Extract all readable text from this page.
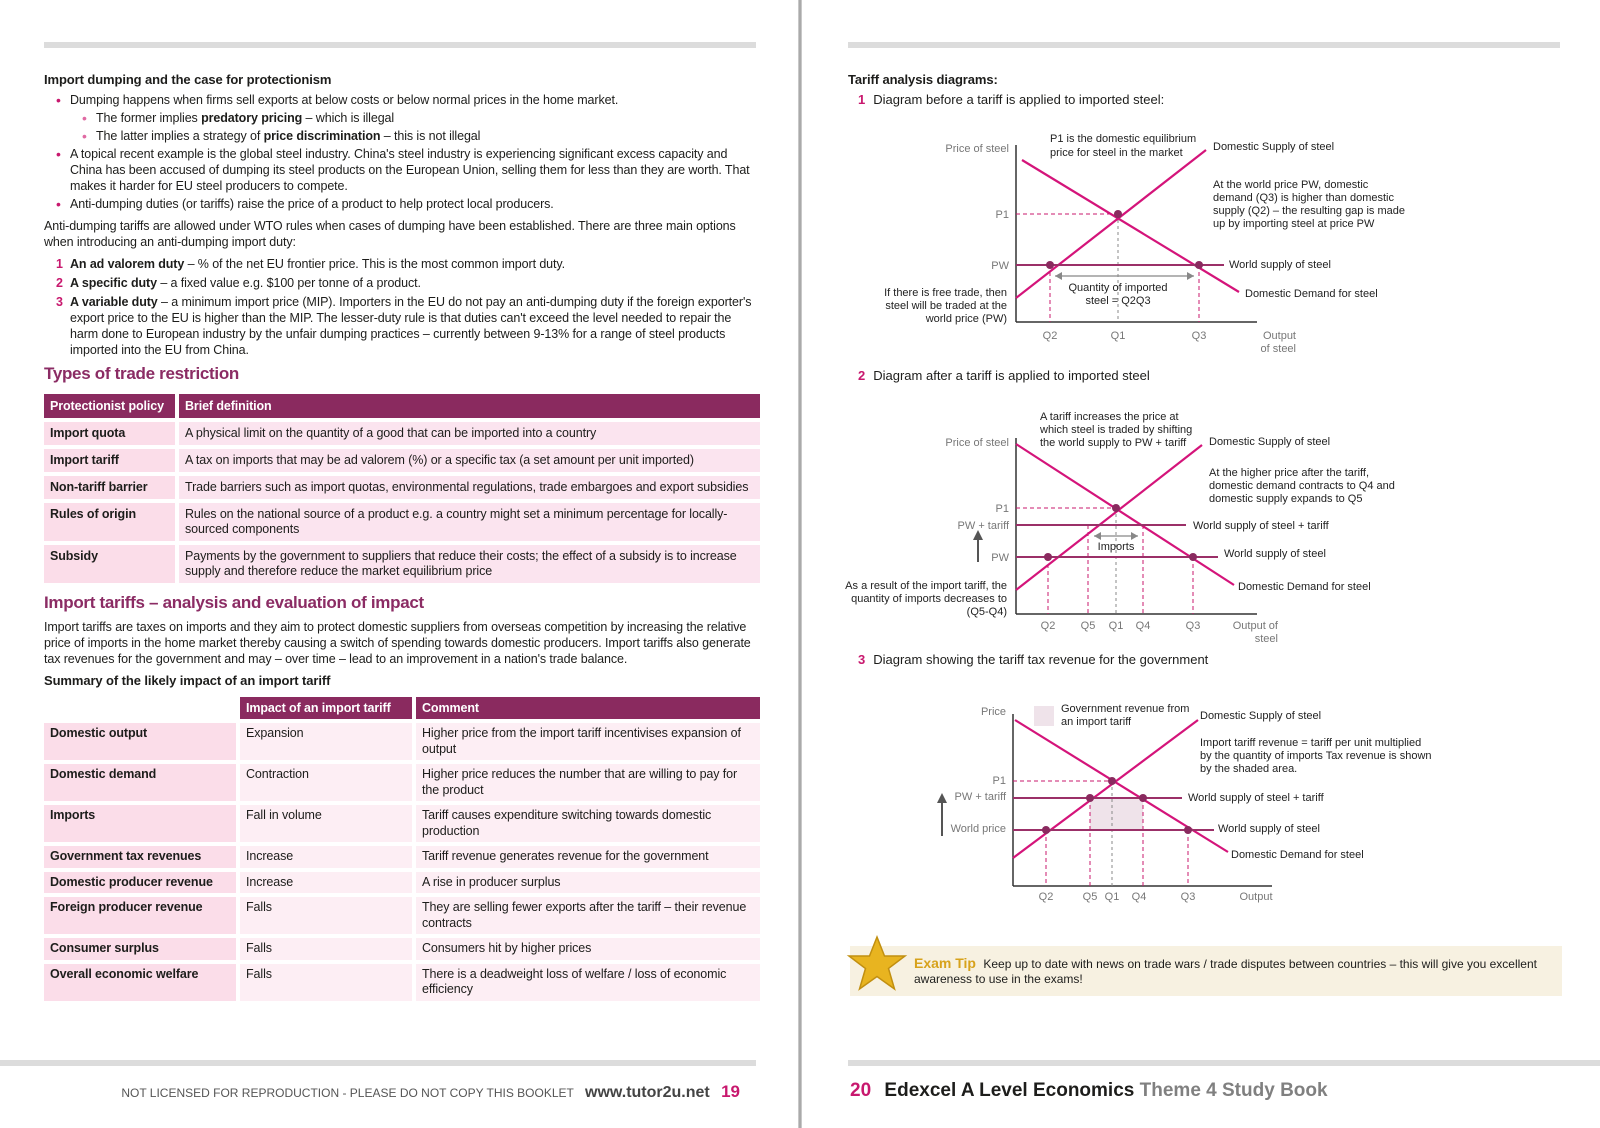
Import dumping and the case for protectionism
• Dumping happens when firms sell exports at below costs or below normal prices in the home market.
• The former implies predatory pricing – which is illegal
• The latter implies a strategy of price discrimination – this is not illegal
• A topical recent example is the global steel industry. China's steel industry is experiencing significant excess capacity and China has been accused of dumping its steel products on the European Union, selling them for less than they are worth. That makes it harder for EU steel producers to compete.
• Anti-dumping duties (or tariffs) raise the price of a product to help protect local producers.

Anti-dumping tariffs are allowed under WTO rules when cases of dumping have been established. There are three main options when introducing an anti-dumping import duty:

1 An ad valorem duty – % of the net EU frontier price. This is the most common import duty.
2 A specific duty – a fixed value e.g. $100 per tonne of a product.
3 A variable duty – a minimum import price (MIP). Importers in the EU do not pay an anti-dumping duty if the foreign exporter's export price to the EU is higher than the MIP. The lesser-duty rule is that duties can't exceed the level needed to repair the harm done to European industry by the unfair dumping practices – currently between 9-13% for a range of steel products imported into the EU from China.
Types of trade restriction
Protectionist policy	Brief definition
Import quota	A physical limit on the quantity of a good that can be imported into a country
Import tariff	A tax on imports that may be ad valorem (%) or a specific tax (a set amount per unit imported)
Non-tariff barrier	Trade barriers such as import quotas, environmental regulations, trade embargoes and export subsidies
Rules of origin	Rules on the national source of a product e.g. a country might set a minimum percentage for locally-sourced components
Subsidy	Payments by the government to suppliers that reduce their costs; the effect of a subsidy is to increase supply and therefore reduce the market equilibrium price
Import tariffs – analysis and evaluation of impact

Import tariffs are taxes on imports and they aim to protect domestic suppliers from overseas competition by increasing the relative price of imports in the home market thereby causing a switch of spending towards domestic producers. Import tariffs also generate tax revenues for the government and may – over time – lead to an improvement in a nation's trade balance.

Summary of the likely impact of an import tariff
	Impact of an import tariff	Comment
Domestic output	Expansion	Higher price from the import tariff incentivises expansion of output
Domestic demand	Contraction	Higher price reduces the number that are willing to pay for the product
Imports	Fall in volume	Tariff causes expenditure switching towards domestic production
Government tax revenues	Increase	Tariff revenue generates revenue for the government
Domestic producer revenue	Increase	A rise in producer surplus
Foreign producer revenue	Falls	They are selling fewer exports after the tariff – their revenue contracts
Consumer surplus	Falls	Consumers hit by higher prices
Overall economic welfare	Falls	There is a deadweight loss of welfare / loss of economic efficiency
NOT LICENSED FOR REPRODUCTION - PLEASE DO NOT COPY THIS BOOKLET www.tutor2u.net 19
Tariff analysis diagrams:
1 Diagram before a tariff is applied to imported steel:
Price of steel
P1
PW
Q2	Q1	Q3	Output
of steel
P1 is the domestic equilibrium
price for steel in the market	Domestic Supply of steel
At the world price PW, domestic
demand (Q3) is higher than domestic
supply (Q2) – the resulting gap is made
up by importing steel at price PW
World supply of steel
Domestic Demand for steel
Quantity of imported
steel = Q2Q3
If there is free trade, then
steel will be traded at the
world price (PW)
2 Diagram after a tariff is applied to imported steel
Price of steel
P1
PW + tariff
PW
Q2 Q5 Q1 Q4	Q3	Output of
steel
A tariff increases the price at
which steel is traded by shifting
the world supply to PW + tariff Domestic Supply of steel
At the higher price after the tariff,
domestic demand contracts to Q4 and
domestic supply expands to Q5
World supply of steel + tariff
World supply of steel
Domestic Demand for steel
Imports
As a result of the import tariff, the
quantity of imports decreases to
(Q5-Q4)
3 Diagram showing the tariff tax revenue for the government
Price
P1
PW + tariff
World price
Q2	Q5 Q1 Q4	Q3	Output
Government revenue from
an import tariff	Domestic Supply of steel
Import tariff revenue = tariff per unit multiplied
by the quantity of imports Tax revenue is shown
by the shaded area.
World supply of steel + tariff
World supply of steel
Domestic Demand for steel
Exam Tip Keep up to date with news on trade wars / trade disputes between countries – this will give you excellent awareness to use in the exams!
20 Edexcel A Level Economics Theme 4 Study Book
